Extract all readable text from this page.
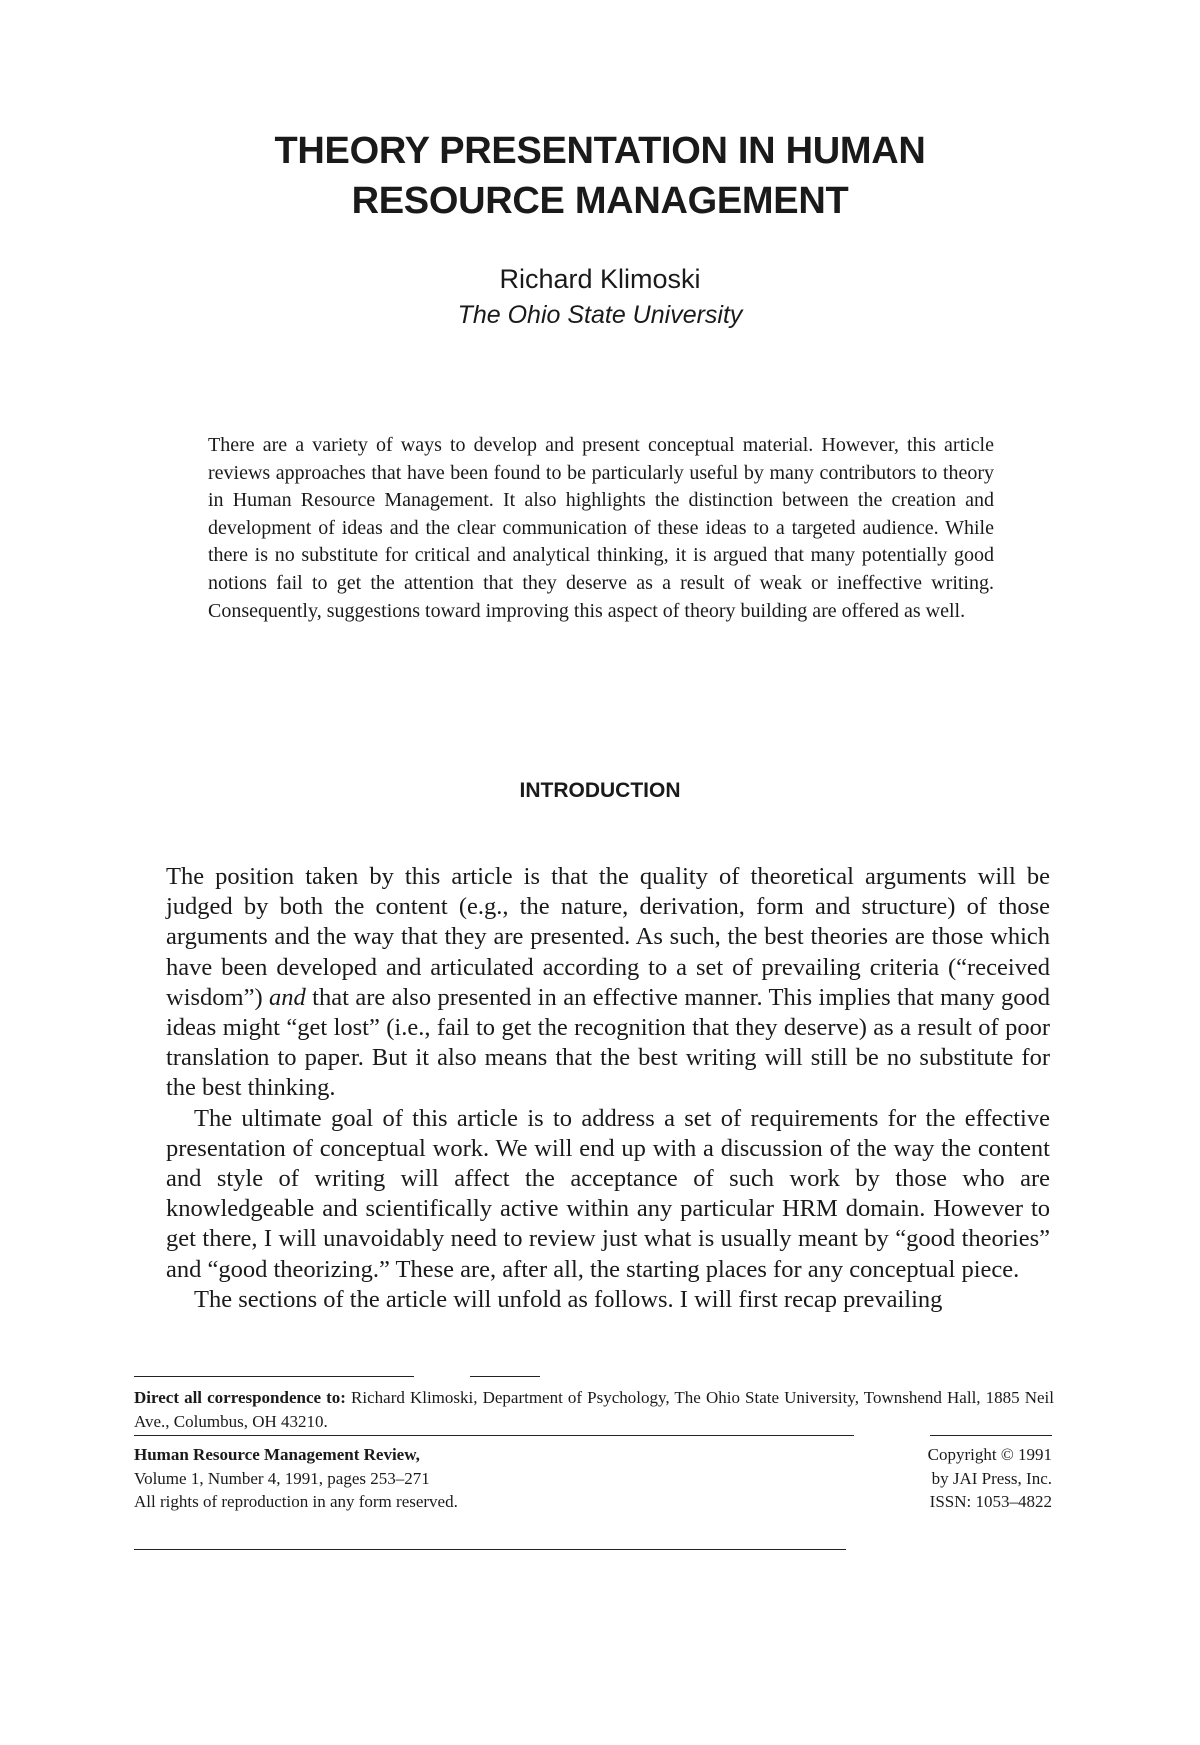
THEORY PRESENTATION IN HUMAN
RESOURCE MANAGEMENT
Richard Klimoski
The Ohio State University

There are a variety of ways to develop and present conceptual material. However, this article reviews approaches that have been found to be particularly useful by many contributors to theory in Human Resource Management. It also highlights the distinction between the creation and development of ideas and the clear communication of these ideas to a targeted audience. While there is no substitute for critical and analytical thinking, it is argued that many potentially good notions fail to get the attention that they deserve as a result of weak or ineffective writing. Consequently, suggestions toward improving this aspect of theory building are offered as well.

INTRODUCTION

The position taken by this article is that the quality of theoretical arguments will be judged by both the content (e.g., the nature, derivation, form and structure) of those arguments and the way that they are presented. As such, the best theories are those which have been developed and articulated according to a set of prevailing criteria (“received wisdom”) and that are also presented in an effective manner. This implies that many good ideas might “get lost” (i.e., fail to get the recognition that they deserve) as a result of poor translation to paper. But it also means that the best writing will still be no substitute for the best thinking.

The ultimate goal of this article is to address a set of requirements for the effective presentation of conceptual work. We will end up with a discussion of the way the content and style of writing will affect the acceptance of such work by those who are knowledgeable and scientifically active within any particular HRM domain. However to get there, I will unavoidably need to review just what is usually meant by “good theories” and “good theorizing.” These are, after all, the starting places for any conceptual piece.

The sections of the article will unfold as follows. I will first recap prevailing

Direct all correspondence to: Richard Klimoski, Department of Psychology, The Ohio State University, Townshend Hall, 1885 Neil Ave., Columbus, OH 43210.
Human Resource Management Review,
Volume 1, Number 4, 1991, pages 253–271
All rights of reproduction in any form reserved.
Copyright © 1991
by JAI Press, Inc.
ISSN: 1053–4822
